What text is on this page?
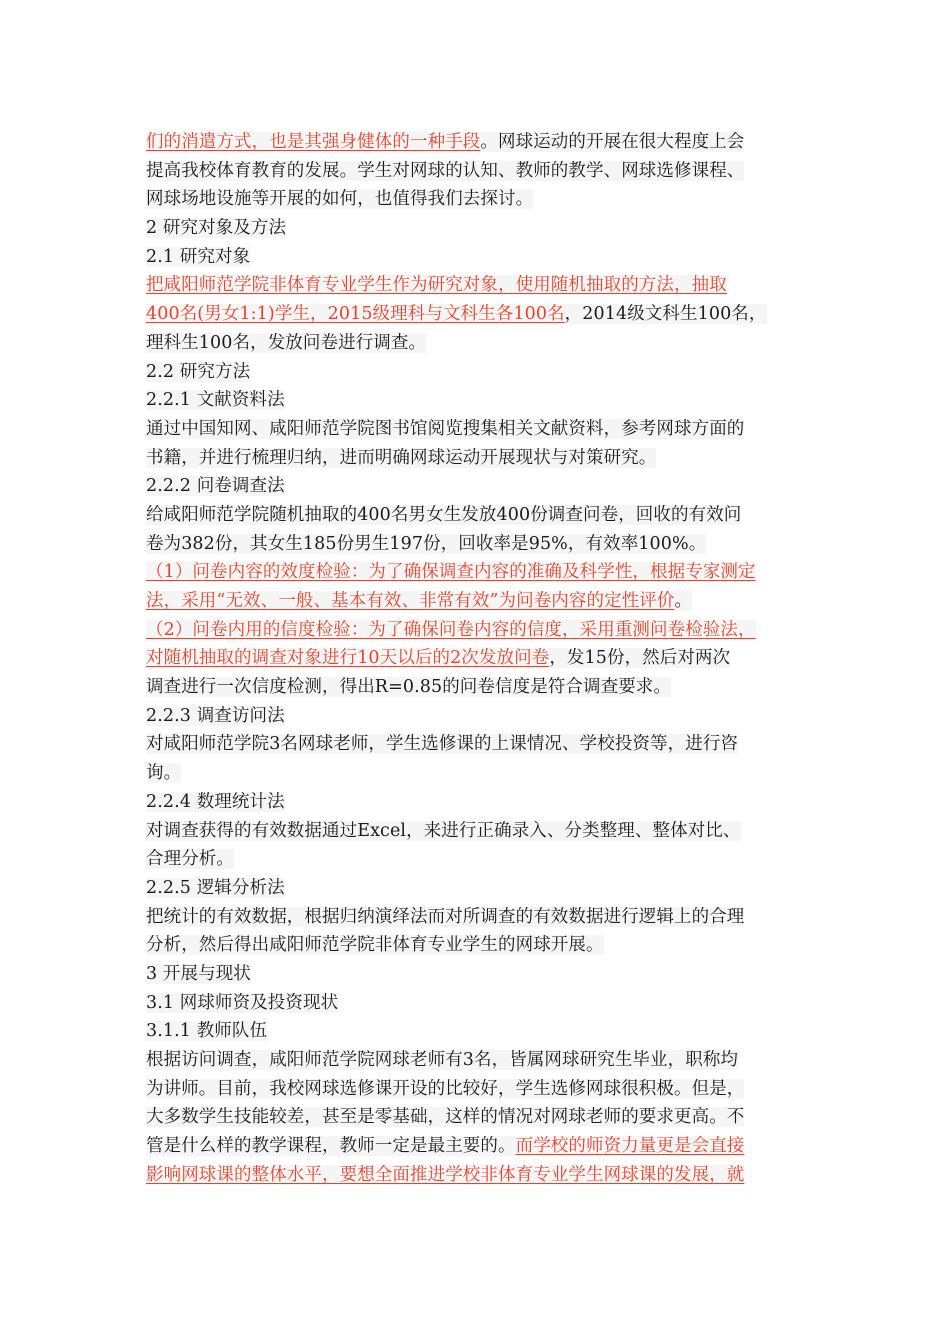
们的消遣方式，也是其强身健体的一种手段。网球运动的开展在很大程度上会
提高我校体育教育的发展。学生对网球的认知、教师的教学、网球选修课程、
网球场地设施等开展的如何，也值得我们去探讨。
2 研究对象及方法
2.1 研究对象
把咸阳师范学院非体育专业学生作为研究对象，使用随机抽取的方法，抽取
400名(男女1:1)学生，2015级理科与文科生各100名，2014级文科生100名，
理科生100名，发放问卷进行调查。
2.2 研究方法
2.2.1 文献资料法
通过中国知网、咸阳师范学院图书馆阅览搜集相关文献资料，参考网球方面的
书籍，并进行梳理归纳，进而明确网球运动开展现状与对策研究。
2.2.2 问卷调查法
给咸阳师范学院随机抽取的400名男女生发放400份调查问卷，回收的有效问
卷为382份，其女生185份男生197份，回收率是95%，有效率100%。
（1）问卷内容的效度检验：为了确保调查内容的准确及科学性，根据专家测定
法，采用“无效、一般、基本有效、非常有效”为问卷内容的定性评价。
（2）问卷内用的信度检验：为了确保问卷内容的信度，采用重测问卷检验法，
对随机抽取的调查对象进行10天以后的2次发放问卷，发15份，然后对两次
调查进行一次信度检测，得出R=0.85的问卷信度是符合调查要求。
2.2.3 调查访问法
对咸阳师范学院3名网球老师，学生选修课的上课情况、学校投资等，进行咨
询。
2.2.4 数理统计法
对调查获得的有效数据通过Excel，来进行正确录入、分类整理、整体对比、
合理分析。
2.2.5 逻辑分析法
把统计的有效数据，根据归纳演绎法而对所调查的有效数据进行逻辑上的合理
分析，然后得出咸阳师范学院非体育专业学生的网球开展。
3 开展与现状
3.1 网球师资及投资现状
3.1.1 教师队伍
根据访问调查，咸阳师范学院网球老师有3名，皆属网球研究生毕业，职称均
为讲师。目前，我校网球选修课开设的比较好，学生选修网球很积极。但是，
大多数学生技能较差，甚至是零基础，这样的情况对网球老师的要求更高。不
管是什么样的教学课程，教师一定是最主要的。而学校的师资力量更是会直接
影响网球课的整体水平，要想全面推进学校非体育专业学生网球课的发展，就
